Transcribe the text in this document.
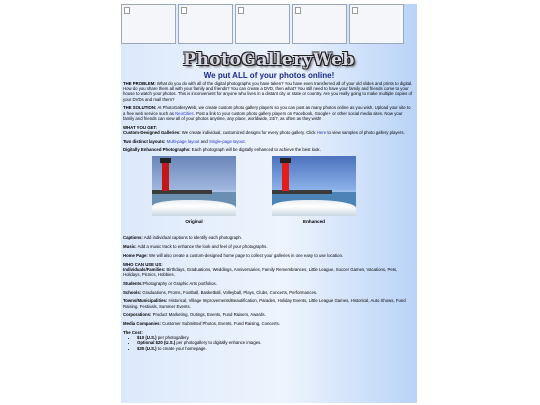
PhotoGalleryWeb
We put ALL of your photos online!

THE PROBLEM: What do you do with all of the digital photographs you have taken? You have even transferred all of your old slides and prints to digital. How do you share them all with your family and friends? You can create a DVD, then what? You still need to have your family and friends come to your house to watch your photos. This is inconvenient for anyone who lives in a distant city or state or country. Are you really going to make multiple copies of your DVDs and mail them?

THE SOLUTION: At PhotoGalleryWeb, we create custom photo gallery players so you can post as many photos online as you wish. Upload your site to a free web service such as NeoCities. Post a link to your custom photo gallery players on Facebook, Google+ or other social media sites. Now your family and friends can view all of your photos anytime, any place, worldwide, 24/7, as often as they wish!

WHAT YOU GET:
Custom-Designed Galleries: We create individual, customized designs for every photo gallery. Click Here to view samples of photo gallery players.

Two distinct layouts: Multi-page layout and Single-page layout.

Digitally Enhanced Photographs: Each photograph will be digitally enhanced to achieve the best look.

Original	Enhanced

Captions: Add individual captions to identify each photograph.

Music: Add a music track to enhance the look and feel of your photographs.

Home Page: We will also create a custom-designed home page to collect your galleries in one easy to use location.

WHO CAN USE US:
Individuals/Families: Birthdays, Graduations, Weddings, Anniversaries, Family Remembrances, Little League, Soccer Games, Vacations, Pets, Holidays, Picnics, Hobbies.

Students:Photography or Graphic Arts portfolios.

Schools: Graduations, Proms, Football, Basketball, Volleyball, Plays, Clubs, Concerts, Performances.

Towns/Municipalities: Historical, Village Improvements/Beautification, Parades, Holiday Events, Little League Games, Historical, Auto Shows, Fund Raising, Festivals, Summer Events.

Corporations: Product Marketing, Outings, Events, Fund Raisers, Awards.

Media Companies: Customer Submitted Photos, Events, Fund Raising, Concerts.

The Cost:
• $10 (U.S.) per photogallery.
• Optional $20 (U.S.) per photogallery to digitally enhance images.
• $30 (U.S.) to create your homepage.
